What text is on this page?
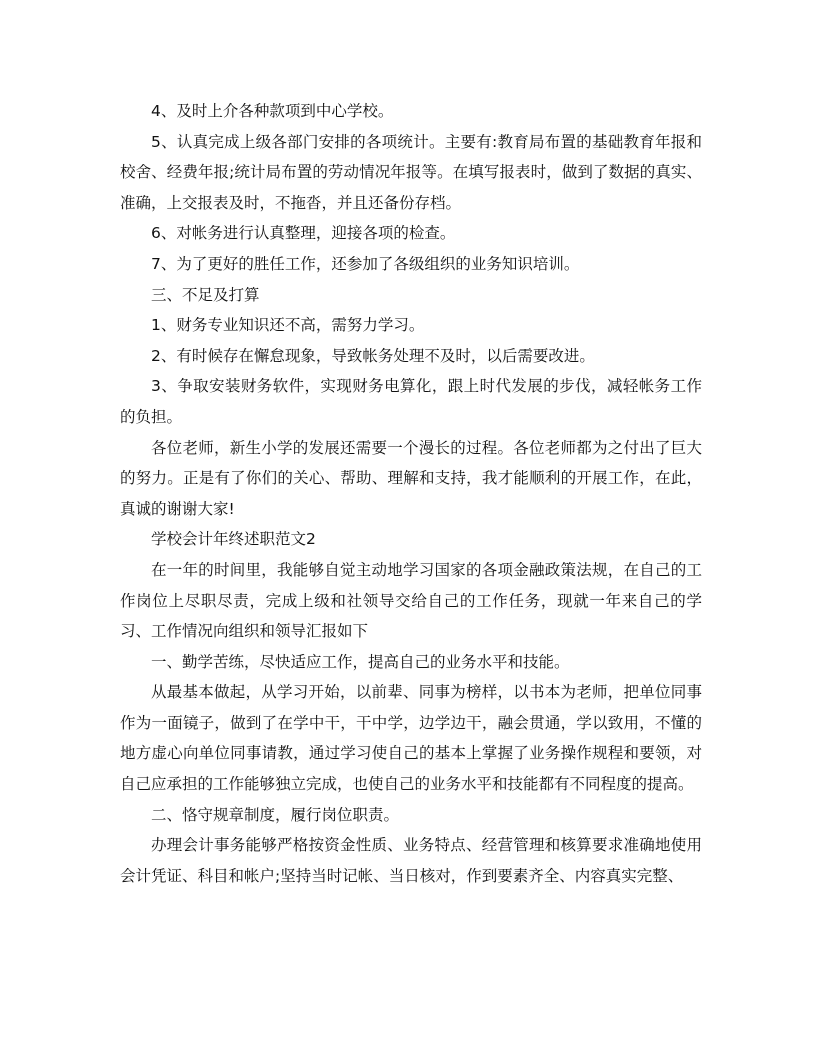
4、及时上介各种款项到中心学校。

5、认真完成上级各部门安排的各项统计。主要有:教育局布置的基础教育年报和校舍、经费年报;统计局布置的劳动情况年报等。在填写报表时，做到了数据的真实、准确，上交报表及时，不拖沓，并且还备份存档。

6、对帐务进行认真整理，迎接各项的检查。

7、为了更好的胜任工作，还参加了各级组织的业务知识培训。

三、不足及打算

1、财务专业知识还不高，需努力学习。

2、有时候存在懈怠现象，导致帐务处理不及时，以后需要改进。

3、争取安装财务软件，实现财务电算化，跟上时代发展的步伐，减轻帐务工作的负担。

各位老师，新生小学的发展还需要一个漫长的过程。各位老师都为之付出了巨大的努力。正是有了你们的关心、帮助、理解和支持，我才能顺利的开展工作，在此，真诚的谢谢大家!

学校会计年终述职范文2

在一年的时间里，我能够自觉主动地学习国家的各项金融政策法规，在自己的工作岗位上尽职尽责，完成上级和社领导交给自己的工作任务，现就一年来自己的学习、工作情况向组织和领导汇报如下

一、勤学苦练，尽快适应工作，提高自己的业务水平和技能。

从最基本做起，从学习开始，以前辈、同事为榜样，以书本为老师，把单位同事作为一面镜子，做到了在学中干，干中学，边学边干，融会贯通，学以致用，不懂的地方虚心向单位同事请教，通过学习使自己的基本上掌握了业务操作规程和要领，对自己应承担的工作能够独立完成，也使自己的业务水平和技能都有不同程度的提高。

二、恪守规章制度，履行岗位职责。

办理会计事务能够严格按资金性质、业务特点、经营管理和核算要求准确地使用会计凭证、科目和帐户;坚持当时记帐、当日核对，作到要素齐全、内容真实完整、
